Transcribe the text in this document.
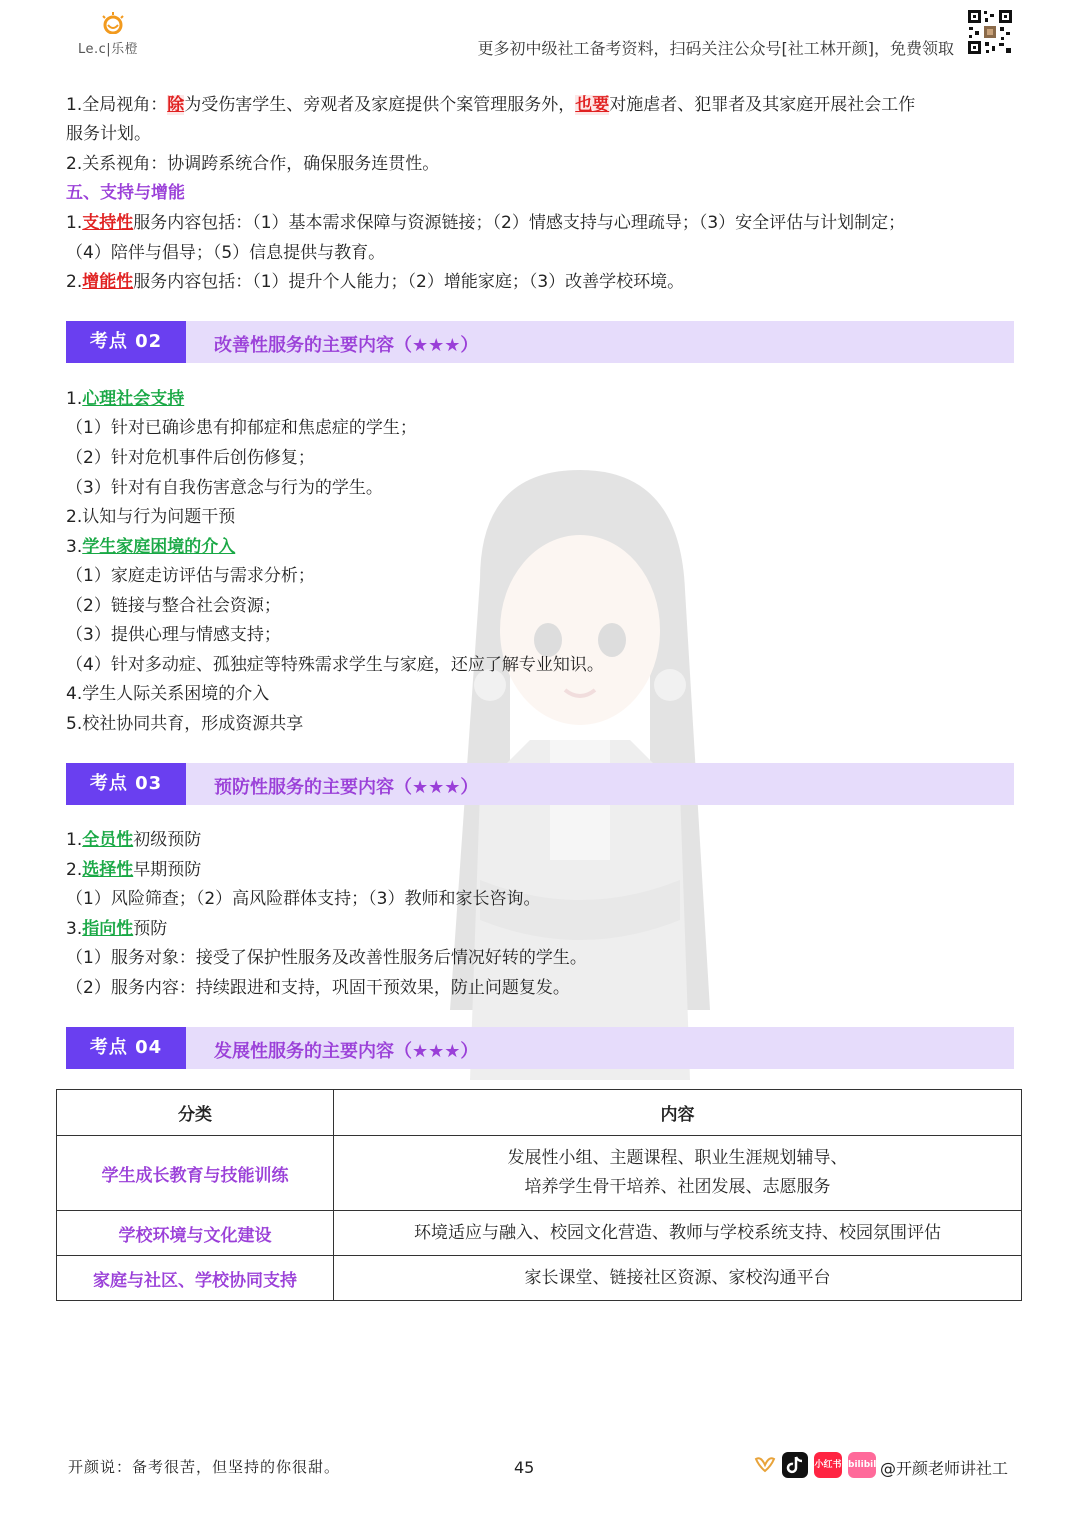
Le.c|乐橙	更多初中级社工备考资料，扫码关注公众号[社工林开颜]，免费领取
1.全局视角：除为受伤害学生、旁观者及家庭提供个案管理服务外，也要对施虐者、犯罪者及其家庭开展社会工作
服务计划。
2.关系视角：协调跨系统合作，确保服务连贯性。
五、支持与增能
1.支持性服务内容包括：（1）基本需求保障与资源链接；（2）情感支持与心理疏导；（3）安全评估与计划制定；
（4）陪伴与倡导；（5）信息提供与教育。
2.增能性服务内容包括：（1）提升个人能力；（2）增能家庭；（3）改善学校环境。
考点 02	改善性服务的主要内容（★★★）
1.心理社会支持
（1）针对已确诊患有抑郁症和焦虑症的学生；
（2）针对危机事件后创伤修复；
（3）针对有自我伤害意念与行为的学生。
2.认知与行为问题干预
3.学生家庭困境的介入
（1）家庭走访评估与需求分析；
（2）链接与整合社会资源；
（3）提供心理与情感支持；
（4）针对多动症、孤独症等特殊需求学生与家庭，还应了解专业知识。
4.学生人际关系困境的介入
5.校社协同共育，形成资源共享
考点 03	预防性服务的主要内容（★★★）
1.全员性初级预防
2.选择性早期预防
（1）风险筛查；（2）高风险群体支持；（3）教师和家长咨询。
3.指向性预防
（1）服务对象：接受了保护性服务及改善性服务后情况好转的学生。
（2）服务内容：持续跟进和支持，巩固干预效果，防止问题复发。
考点 04	发展性服务的主要内容（★★★）
分类	内容
学生成长教育与技能训练	发展性小组、主题课程、职业生涯规划辅导、
培养学生骨干培养、社团发展、志愿服务

学校环境与文化建设	环境适应与融入、校园文化营造、教师与学校系统支持、校园氛围评估
家庭与社区、学校协同支持	家长课堂、链接社区资源、家校沟通平台
开颜说：备考很苦，但坚持的你很甜。	45	小红书 bilibili @开颜老师讲社工
